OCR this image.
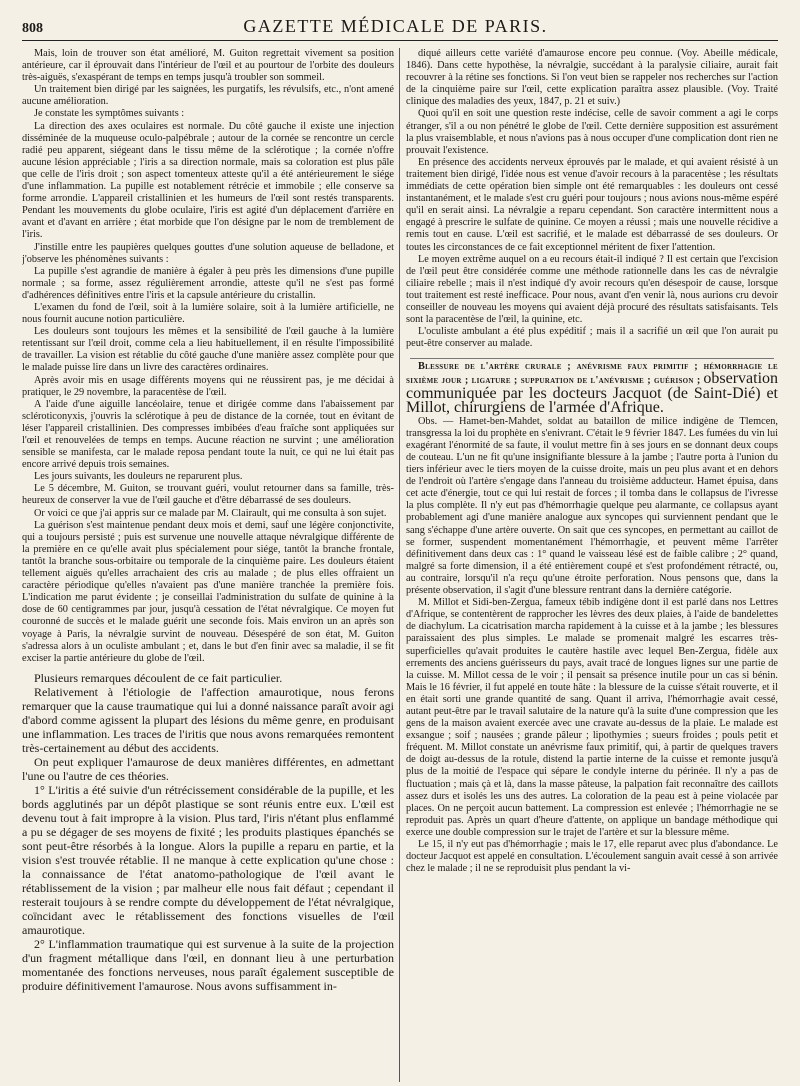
808	GAZETTE MÉDICALE DE PARIS.

Mais, loin de trouver son état amélioré, M. Guiton regrettait vivement sa position antérieure, car il éprouvait dans l'intérieur de l'œil et au pourtour de l'orbite des douleurs très-aiguës, s'exaspérant de temps en temps jusqu'à troubler son sommeil.

Un traitement bien dirigé par les saignées, les purgatifs, les révulsifs, etc., n'ont amené aucune amélioration.

Je constate les symptômes suivants :

La direction des axes oculaires est normale. Du côté gauche il existe une injection disséminée de la muqueuse oculo-palpébrale ; autour de la cornée se rencontre un cercle radié peu apparent, siégeant dans le tissu même de la sclérotique ; la cornée n'offre aucune lésion appréciable ; l'iris a sa direction normale, mais sa coloration est plus pâle que celle de l'iris droit ; son aspect tomenteux atteste qu'il a été antérieurement le siége d'une inflammation. La pupille est notablement rétrécie et immobile ; elle conserve sa forme arrondie. L'appareil cristallinien et les humeurs de l'œil sont restés transparents. Pendant les mouvements du globe oculaire, l'iris est agité d'un déplacement d'arrière en avant et d'avant en arrière ; état morbide que l'on désigne par le nom de tremblement de l'iris.

J'instille entre les paupières quelques gouttes d'une solution aqueuse de belladone, et j'observe les phénomènes suivants :

La pupille s'est agrandie de manière à égaler à peu près les dimensions d'une pupille normale ; sa forme, assez régulièrement arrondie, atteste qu'il ne s'est pas formé d'adhérences définitives entre l'iris et la capsule antérieure du cristallin.

L'examen du fond de l'œil, soit à la lumière solaire, soit à la lumière artificielle, ne nous fournit aucune notion particulière.

Les douleurs sont toujours les mêmes et la sensibilité de l'œil gauche à la lumière retentissant sur l'œil droit, comme cela a lieu habituellement, il en résulte l'impossibilité de travailler. La vision est rétablie du côté gauche d'une manière assez complète pour que le malade puisse lire dans un livre des caractères ordinaires.

Après avoir mis en usage différents moyens qui ne réussirent pas, je me décidai à pratiquer, le 29 novembre, la paracentèse de l'œil.

A l'aide d'une aiguille lancéolaire, tenue et dirigée comme dans l'abaissement par scléroticonyxis, j'ouvris la sclérotique à peu de distance de la cornée, tout en évitant de léser l'appareil cristallinien. Des compresses imbibées d'eau fraîche sont appliquées sur l'œil et renouvelées de temps en temps. Aucune réaction ne survint ; une amélioration sensible se manifesta, car le malade reposa pendant toute la nuit, ce qui ne lui était pas encore arrivé depuis trois semaines.

Les jours suivants, les douleurs ne reparurent plus.

Le 5 décembre, M. Guiton, se trouvant guéri, voulut retourner dans sa famille, très-heureux de conserver la vue de l'œil gauche et d'être débarrassé de ses douleurs.

Or voici ce que j'ai appris sur ce malade par M. Clairault, qui me consulta à son sujet.

La guérison s'est maintenue pendant deux mois et demi, sauf une légère conjonctivite, qui a toujours persisté ; puis est survenue une nouvelle attaque névralgique différente de la première en ce qu'elle avait plus spécialement pour siége, tantôt la branche frontale, tantôt la branche sous-orbitaire ou temporale de la cinquième paire. Les douleurs étaient tellement aiguës qu'elles arrachaient des cris au malade ; de plus elles offraient un caractère périodique qu'elles n'avaient pas d'une manière tranchée la première fois. L'indication me parut évidente ; je conseillai l'administration du sulfate de quinine à la dose de 60 centigrammes par jour, jusqu'à cessation de l'état névralgique. Ce moyen fut couronné de succès et le malade guérit une seconde fois. Mais environ un an après son voyage à Paris, la névralgie survint de nouveau. Désespéré de son état, M. Guiton s'adressa alors à un oculiste ambulant ; et, dans le but d'en finir avec sa maladie, il se fit exciser la partie antérieure du globe de l'œil.

Plusieurs remarques découlent de ce fait particulier.

Relativement à l'étiologie de l'affection amaurotique, nous ferons remarquer que la cause traumatique qui lui a donné naissance paraît avoir agi d'abord comme agissent la plupart des lésions du même genre, en produisant une inflammation. Les traces de l'iritis que nous avons remarquées remontent très-certainement au début des accidents.

On peut expliquer l'amaurose de deux manières différentes, en admettant l'une ou l'autre de ces théories.

1° L'iritis a été suivie d'un rétrécissement considérable de la pupille, et les bords agglutinés par un dépôt plastique se sont réunis entre eux. L'œil est devenu tout à fait impropre à la vision. Plus tard, l'iris n'étant plus enflammé a pu se dégager de ses moyens de fixité ; les produits plastiques épanchés se sont peut-être résorbés à la longue. Alors la pupille a reparu en partie, et la vision s'est trouvée rétablie. Il ne manque à cette explication qu'une chose : la connaissance de l'état anatomo-pathologique de l'œil avant le rétablissement de la vision ; par malheur elle nous fait défaut ; cependant il resterait toujours à se rendre compte du développement de l'état névralgique, coïncidant avec le rétablissement des fonctions visuelles de l'œil amaurotique.

2° L'inflammation traumatique qui est survenue à la suite de la projection d'un fragment métallique dans l'œil, en donnant lieu à une perturbation momentanée des fonctions nerveuses, nous paraît également susceptible de produire définitivement l'amaurose. Nous avons suffisamment in-

diqué ailleurs cette variété d'amaurose encore peu connue. (Voy. Abeille médicale, 1846). Dans cette hypothèse, la névralgie, succédant à la paralysie ciliaire, aurait fait recouvrer à la rétine ses fonctions. Si l'on veut bien se rappeler nos recherches sur l'action de la cinquième paire sur l'œil, cette explication paraîtra assez plausible. (Voy. Traité clinique des maladies des yeux, 1847, p. 21 et suiv.)

Quoi qu'il en soit une question reste indécise, celle de savoir comment a agi le corps étranger, s'il a ou non pénétré le globe de l'œil. Cette dernière supposition est assurément la plus vraisemblable, et nous n'avions pas à nous occuper d'une complication dont rien ne prouvait l'existence.

En présence des accidents nerveux éprouvés par le malade, et qui avaient résisté à un traitement bien dirigé, l'idée nous est venue d'avoir recours à la paracentèse ; les résultats immédiats de cette opération bien simple ont été remarquables : les douleurs ont cessé instantanément, et le malade s'est cru guéri pour toujours ; nous avions nous-même espéré qu'il en serait ainsi. La névralgie a reparu cependant. Son caractère intermittent nous a engagé à prescrire le sulfate de quinine. Ce moyen a réussi ; mais une nouvelle récidive a remis tout en cause. L'œil est sacrifié, et le malade est débarrassé de ses douleurs. Or toutes les circonstances de ce fait exceptionnel méritent de fixer l'attention.

Le moyen extrême auquel on a eu recours était-il indiqué ? Il est certain que l'excision de l'œil peut être considérée comme une méthode rationnelle dans les cas de névralgie ciliaire rebelle ; mais il n'est indiqué d'y avoir recours qu'en désespoir de cause, lorsque tout traitement est resté inefficace. Pour nous, avant d'en venir là, nous aurions cru devoir conseiller de nouveau les moyens qui avaient déjà procuré des résultats satisfaisants. Tels sont la paracentèse de l'œil, la quinine, etc.

L'oculiste ambulant a été plus expéditif ; mais il a sacrifié un œil que l'on aurait pu peut-être conserver au malade.

Blessure de l'artère crurale ; anévrisme faux primitif ; hémorrhagie le sixième jour ; ligature ; suppuration de l'anévrisme ; guérison ; observation communiquée par les docteurs Jacquot (de Saint-Dié) et Millot, chirurgiens de l'armée d'Afrique.

Obs. — Hamet-ben-Mahdet, soldat au bataillon de milice indigène de Tlemcen, transgressa la loi du prophète en s'enivrant. C'était le 9 février 1847. Les fumées du vin lui exagérant l'énormité de sa faute, il voulut mettre fin à ses jours en se donnant deux coups de couteau. L'un ne fit qu'une insignifiante blessure à la jambe ; l'autre porta à l'union du tiers inférieur avec le tiers moyen de la cuisse droite, mais un peu plus avant et en dehors de l'endroit où l'artère s'engage dans l'anneau du troisième adducteur. Hamet épuisa, dans cet acte d'énergie, tout ce qui lui restait de forces ; il tomba dans le collapsus de l'ivresse la plus complète. Il n'y eut pas d'hémorrhagie quelque peu alarmante, ce collapsus ayant probablement agi d'une manière analogue aux syncopes qui surviennent pendant que le sang s'échappe d'une artère ouverte. On sait que ces syncopes, en permettant au caillot de se former, suspendent momentanément l'hémorrhagie, et peuvent même l'arrêter définitivement dans deux cas : 1° quand le vaisseau lésé est de faible calibre ; 2° quand, malgré sa forte dimension, il a été entièrement coupé et s'est profondément rétracté, ou, au contraire, lorsqu'il n'a reçu qu'une étroite perforation. Nous pensons que, dans la présente observation, il s'agit d'une blessure rentrant dans la dernière catégorie.

M. Millot et Sidi-ben-Zergua, fameux tébib indigène dont il est parlé dans nos Lettres d'Afrique, se contentèrent de rapprocher les lèvres des deux plaies, à l'aide de bandelettes de diachylum. La cicatrisation marcha rapidement à la cuisse et à la jambe ; les blessures paraissaient des plus simples. Le malade se promenait malgré les escarres très-superficielles qu'avait produites le cautère hastile avec lequel Ben-Zergua, fidèle aux errements des anciens guérisseurs du pays, avait tracé de longues lignes sur une partie de la cuisse. M. Millot cessa de le voir ; il pensait sa présence inutile pour un cas si bénin. Mais le 16 février, il fut appelé en toute hâte : la blessure de la cuisse s'était rouverte, et il en était sorti une grande quantité de sang. Quant il arriva, l'hémorrhagie avait cessé, autant peut-être par le travail salutaire de la nature qu'à la suite d'une compression que les gens de la maison avaient exercée avec une cravate au-dessus de la plaie. Le malade est exsangue ; soif ; nausées ; grande pâleur ; lipothymies ; sueurs froides ; pouls petit et fréquent. M. Millot constate un anévrisme faux primitif, qui, à partir de quelques travers de doigt au-dessus de la rotule, distend la partie interne de la cuisse et remonte jusqu'à plus de la moitié de l'espace qui sépare le condyle interne du périnée. Il n'y a pas de fluctuation ; mais çà et là, dans la masse pâteuse, la palpation fait reconnaître des caillots assez durs et isolés les uns des autres. La coloration de la peau est à peine violacée par places. On ne perçoit aucun battement. La compression est enlevée ; l'hémorrhagie ne se reproduit pas. Après un quart d'heure d'attente, on applique un bandage méthodique qui exerce une double compression sur le trajet de l'artère et sur la blessure même.

Le 15, il n'y eut pas d'hémorrhagie ; mais le 17, elle reparut avec plus d'abondance. Le docteur Jacquot est appelé en consultation. L'écoulement sanguin avait cessé à son arrivée chez le malade ; il ne se reproduisit plus pendant la vi-
